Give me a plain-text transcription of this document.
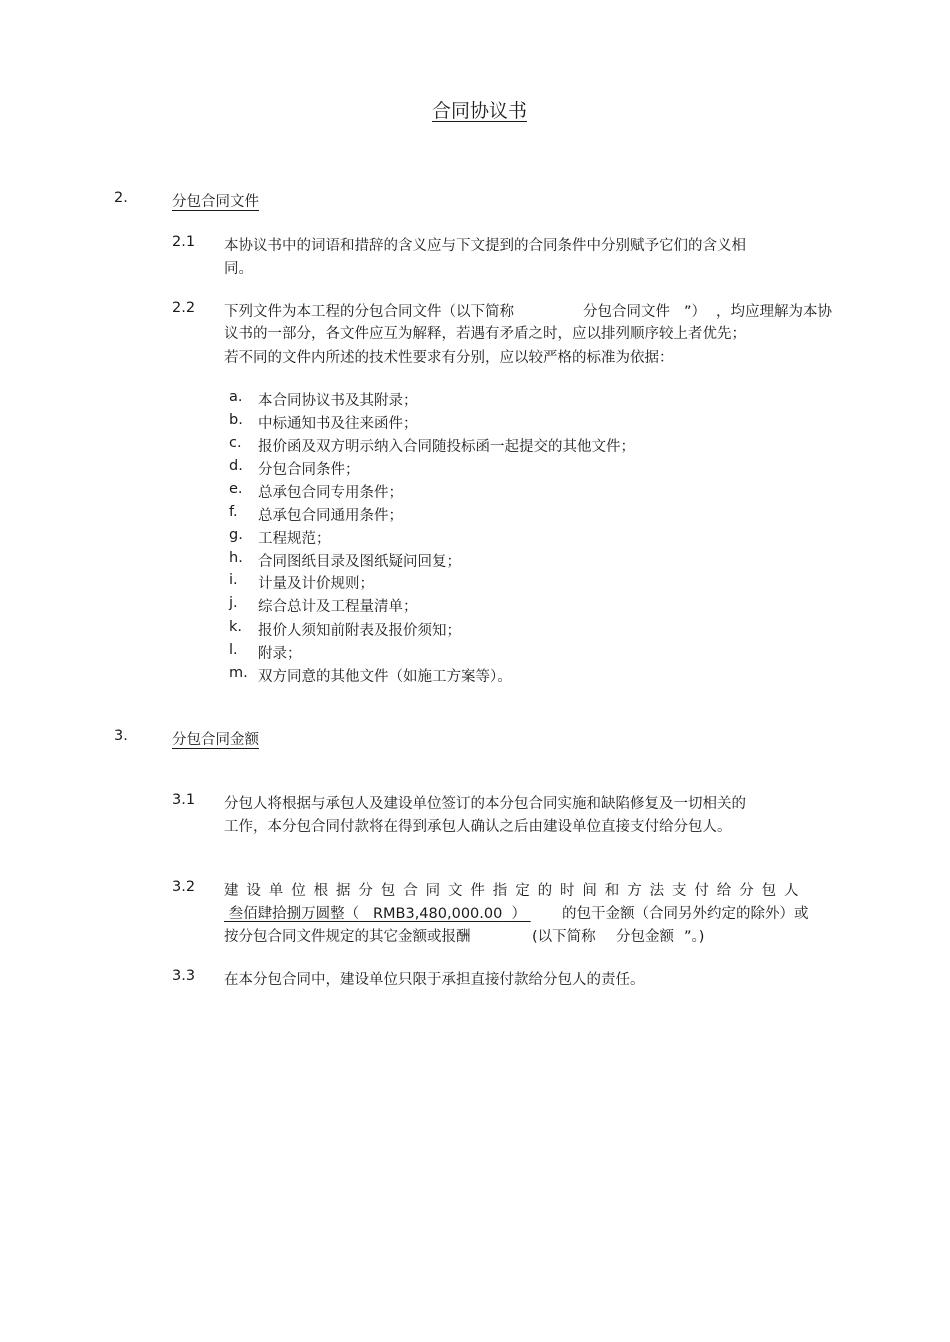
合同协议书
2.	分包合同文件
2.1 本协议书中的词语和措辞的含义应与下文提到的合同条件中分别赋予它们的含义相
同。
2.2 下列文件为本工程的分包合同文件（以下简称	分包合同文件 ”） ，均应理解为本协
议书的一部分，各文件应互为解释，若遇有矛盾之时，应以排列顺序较上者优先；
若不同的文件内所述的技术性要求有分别，应以较严格的标准为依据：
a. 本合同协议书及其附录；
b. 中标通知书及往来函件；
c. 报价函及双方明示纳入合同随投标函一起提交的其他文件；
d. 分包合同条件；
e. 总承包合同专用条件；
f. 总承包合同通用条件；
g. 工程规范；
h. 合同图纸目录及图纸疑问回复；
i. 计量及计价规则；
j. 综合总计及工程量清单；
k. 报价人须知前附表及报价须知；
l. 附录；
m. 双方同意的其他文件（如施工方案等）。
3.	分包合同金额
3.1 分包人将根据与承包人及建设单位签订的本分包合同实施和缺陷修复及一切相关的
工作，本分包合同付款将在得到承包人确认之后由建设单位直接支付给分包人。
3.2 建设单位根据分包合同文件指定的时间和方法支付给分包人
叁佰肆拾捌万圆整（ RMB3,480,000.00 ）	的包干金额（合同另外约定的除外）或
按分包合同文件规定的其它金额或报酬	(以下简称 分包金额 ”。)
3.3 在本分包合同中，建设单位只限于承担直接付款给分包人的责任。
